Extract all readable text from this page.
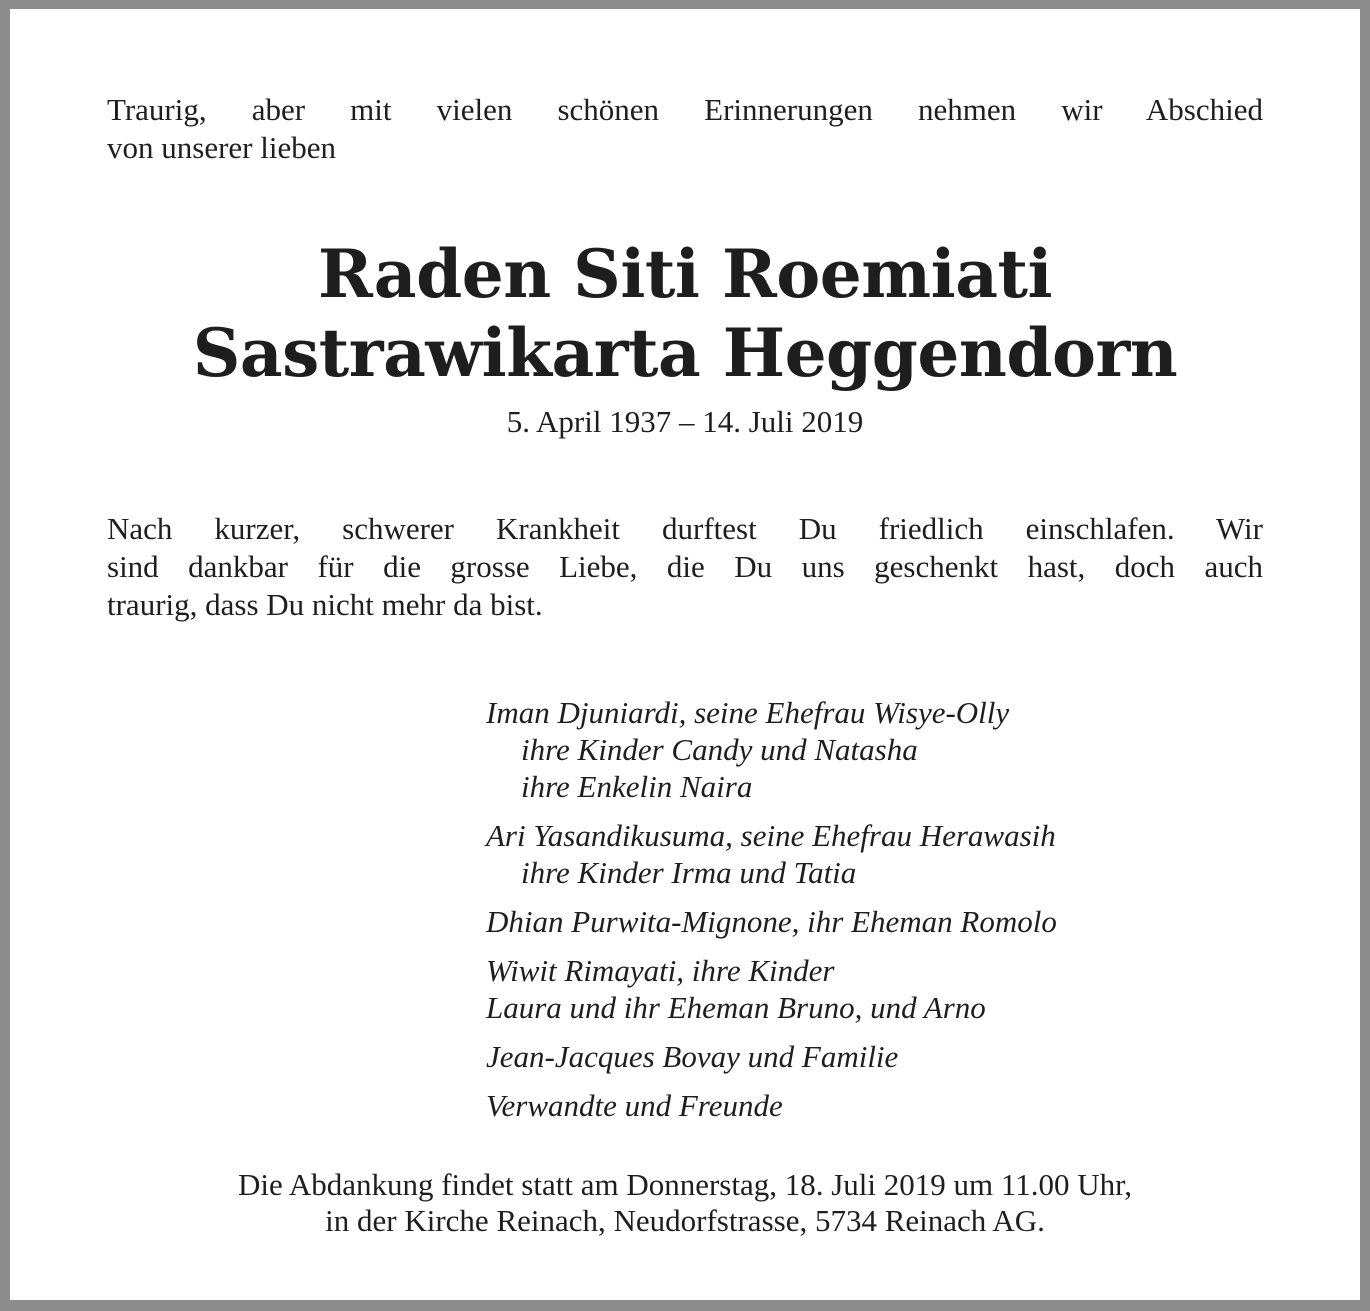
Traurig, aber mit vielen schönen Erinnerungen nehmen wir Abschied
von unserer lieben

Raden Siti Roemiati
Sastrawikarta Heggendorn

5. April 1937 – 14. Juli 2019

Nach kurzer, schwerer Krankheit durftest Du friedlich einschlafen. Wir
sind dankbar für die grosse Liebe, die Du uns geschenkt hast, doch auch
traurig, dass Du nicht mehr da bist.

Iman Djuniardi, seine Ehefrau Wisye-Olly
ihre Kinder Candy und Natasha
ihre Enkelin Naira
Ari Yasandikusuma, seine Ehefrau Herawasih
ihre Kinder Irma und Tatia
Dhian Purwita-Mignone, ihr Eheman Romolo
Wiwit Rimayati, ihre Kinder
Laura und ihr Eheman Bruno, und Arno
Jean-Jacques Bovay und Familie
Verwandte und Freunde

Die Abdankung findet statt am Donnerstag, 18. Juli 2019 um 11.00 Uhr,
in der Kirche Reinach, Neudorfstrasse, 5734 Reinach AG.
